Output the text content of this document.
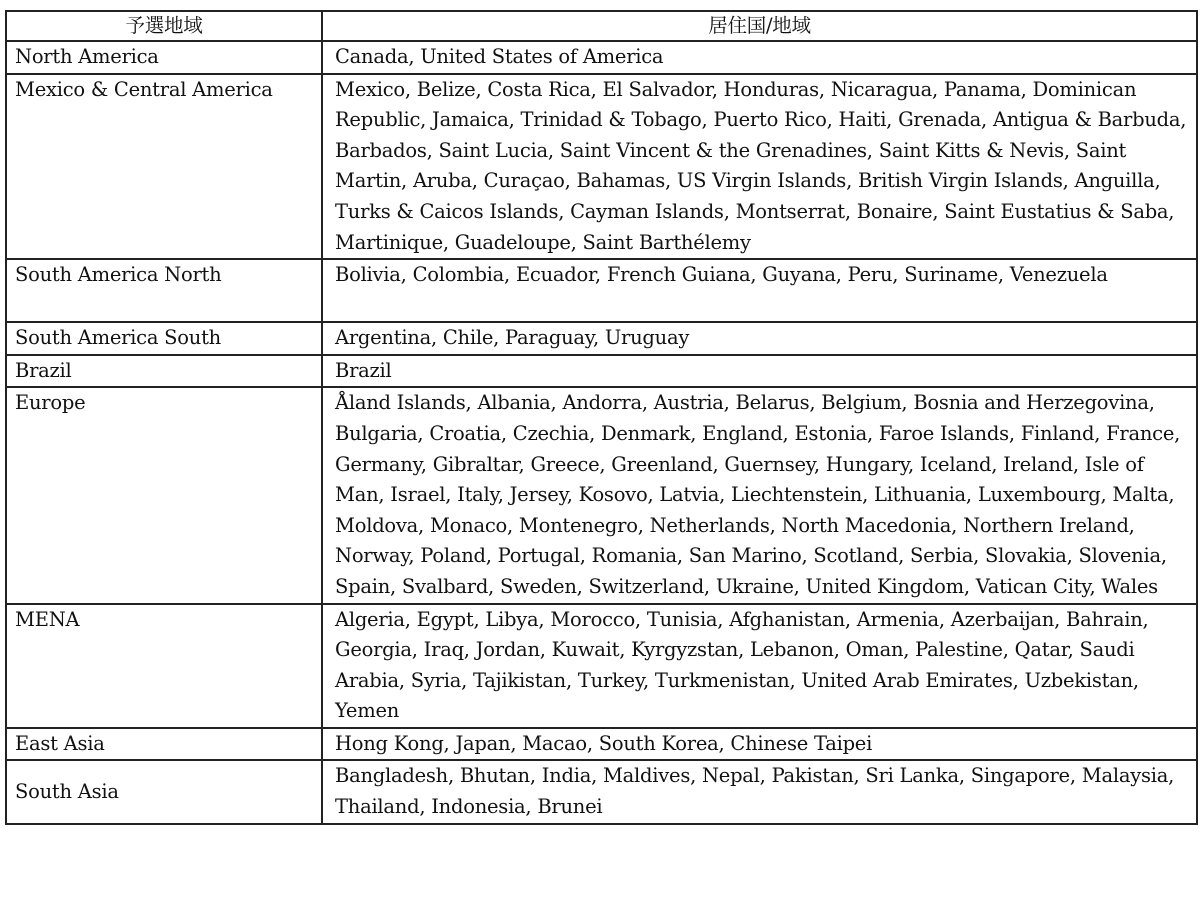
予選地域	居住国/地域
North America	Canada, United States of America
Mexico & Central America	Mexico, Belize, Costa Rica, El Salvador, Honduras, Nicaragua, Panama, Dominican Republic, Jamaica, Trinidad & Tobago, Puerto Rico, Haiti, Grenada, Antigua & Barbuda, Barbados, Saint Lucia, Saint Vincent & the Grenadines, Saint Kitts & Nevis, Saint Martin, Aruba, Curaçao, Bahamas, US Virgin Islands, British Virgin Islands, Anguilla, Turks & Caicos Islands, Cayman Islands, Montserrat, Bonaire, Saint Eustatius & Saba, Martinique, Guadeloupe, Saint Barthélemy
South America North	Bolivia, Colombia, Ecuador, French Guiana, Guyana, Peru, Suriname, Venezuela
South America South	Argentina, Chile, Paraguay, Uruguay
Brazil	Brazil
Europe	Åland Islands, Albania, Andorra, Austria, Belarus, Belgium, Bosnia and Herzegovina, Bulgaria, Croatia, Czechia, Denmark, England, Estonia, Faroe Islands, Finland, France, Germany, Gibraltar, Greece, Greenland, Guernsey, Hungary, Iceland, Ireland, Isle of Man, Israel, Italy, Jersey, Kosovo, Latvia, Liechtenstein, Lithuania, Luxembourg, Malta, Moldova, Monaco, Montenegro, Netherlands, North Macedonia, Northern Ireland, Norway, Poland, Portugal, Romania, San Marino, Scotland, Serbia, Slovakia, Slovenia, Spain, Svalbard, Sweden, Switzerland, Ukraine, United Kingdom, Vatican City, Wales
MENA	Algeria, Egypt, Libya, Morocco, Tunisia, Afghanistan, Armenia, Azerbaijan, Bahrain, Georgia, Iraq, Jordan, Kuwait, Kyrgyzstan, Lebanon, Oman, Palestine, Qatar, Saudi Arabia, Syria, Tajikistan, Turkey, Turkmenistan, United Arab Emirates, Uzbekistan, Yemen
East Asia	Hong Kong, Japan, Macao, South Korea, Chinese Taipei
South Asia	Bangladesh, Bhutan, India, Maldives, Nepal, Pakistan, Sri Lanka, Singapore, Malaysia, Thailand, Indonesia, Brunei
